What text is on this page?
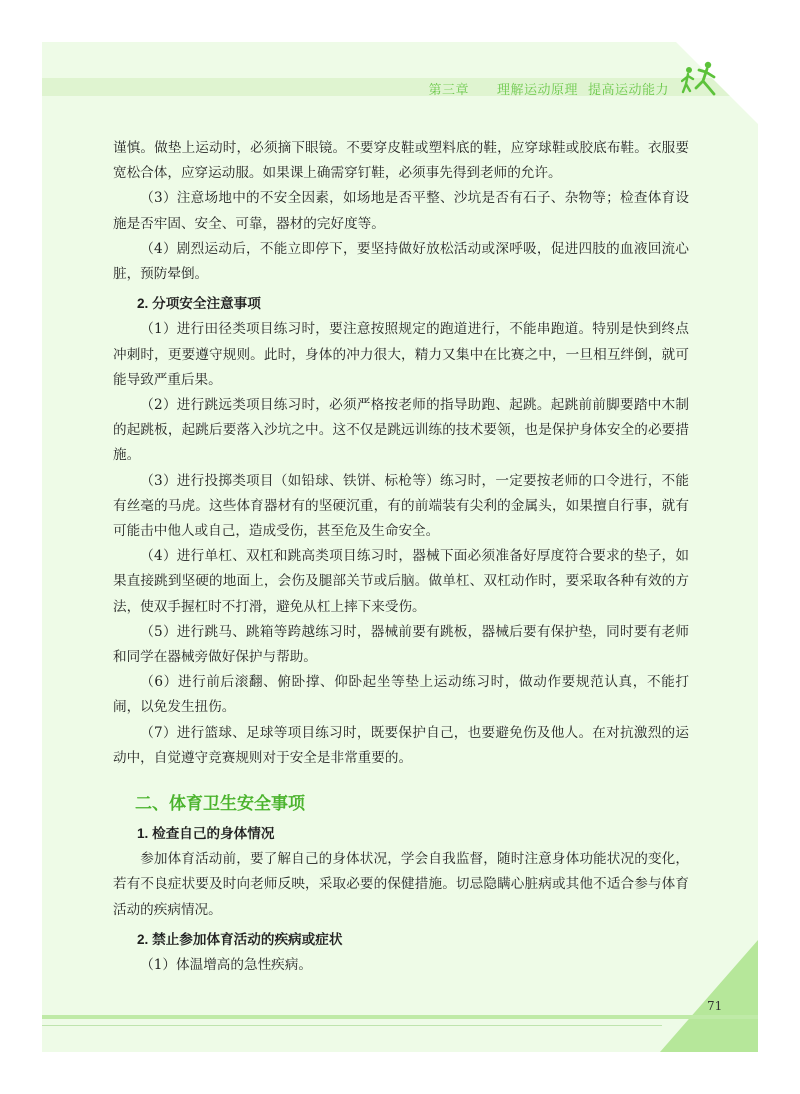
第三章 理解运动原理 提高运动能力

谨慎。做垫上运动时，必须摘下眼镜。不要穿皮鞋或塑料底的鞋，应穿球鞋或胶底布鞋。衣服要宽松合体，应穿运动服。如果课上确需穿钉鞋，必须事先得到老师的允许。

（3）注意场地中的不安全因素，如场地是否平整、沙坑是否有石子、杂物等；检查体育设施是否牢固、安全、可靠，器材的完好度等。

（4）剧烈运动后，不能立即停下，要坚持做好放松活动或深呼吸，促进四肢的血液回流心脏，预防晕倒。

2. 分项安全注意事项

（1）进行田径类项目练习时，要注意按照规定的跑道进行，不能串跑道。特别是快到终点冲刺时，更要遵守规则。此时，身体的冲力很大，精力又集中在比赛之中，一旦相互绊倒，就可能导致严重后果。

（2）进行跳远类项目练习时，必须严格按老师的指导助跑、起跳。起跳前前脚要踏中木制的起跳板，起跳后要落入沙坑之中。这不仅是跳远训练的技术要领，也是保护身体安全的必要措施。

（3）进行投掷类项目（如铅球、铁饼、标枪等）练习时，一定要按老师的口令进行，不能有丝毫的马虎。这些体育器材有的坚硬沉重，有的前端装有尖利的金属头，如果擅自行事，就有可能击中他人或自己，造成受伤，甚至危及生命安全。

（4）进行单杠、双杠和跳高类项目练习时，器械下面必须准备好厚度符合要求的垫子，如果直接跳到坚硬的地面上，会伤及腿部关节或后脑。做单杠、双杠动作时，要采取各种有效的方法，使双手握杠时不打滑，避免从杠上摔下来受伤。

（5）进行跳马、跳箱等跨越练习时，器械前要有跳板，器械后要有保护垫，同时要有老师和同学在器械旁做好保护与帮助。

（6）进行前后滚翻、俯卧撑、仰卧起坐等垫上运动练习时，做动作要规范认真，不能打闹，以免发生扭伤。

（7）进行篮球、足球等项目练习时，既要保护自己，也要避免伤及他人。在对抗激烈的运动中，自觉遵守竞赛规则对于安全是非常重要的。

二、体育卫生安全事项
1. 检查自己的身体情况

参加体育活动前，要了解自己的身体状况，学会自我监督，随时注意身体功能状况的变化，若有不良症状要及时向老师反映，采取必要的保健措施。切忌隐瞒心脏病或其他不适合参与体育活动的疾病情况。

2. 禁止参加体育活动的疾病或症状

（1）体温增高的急性疾病。

71
